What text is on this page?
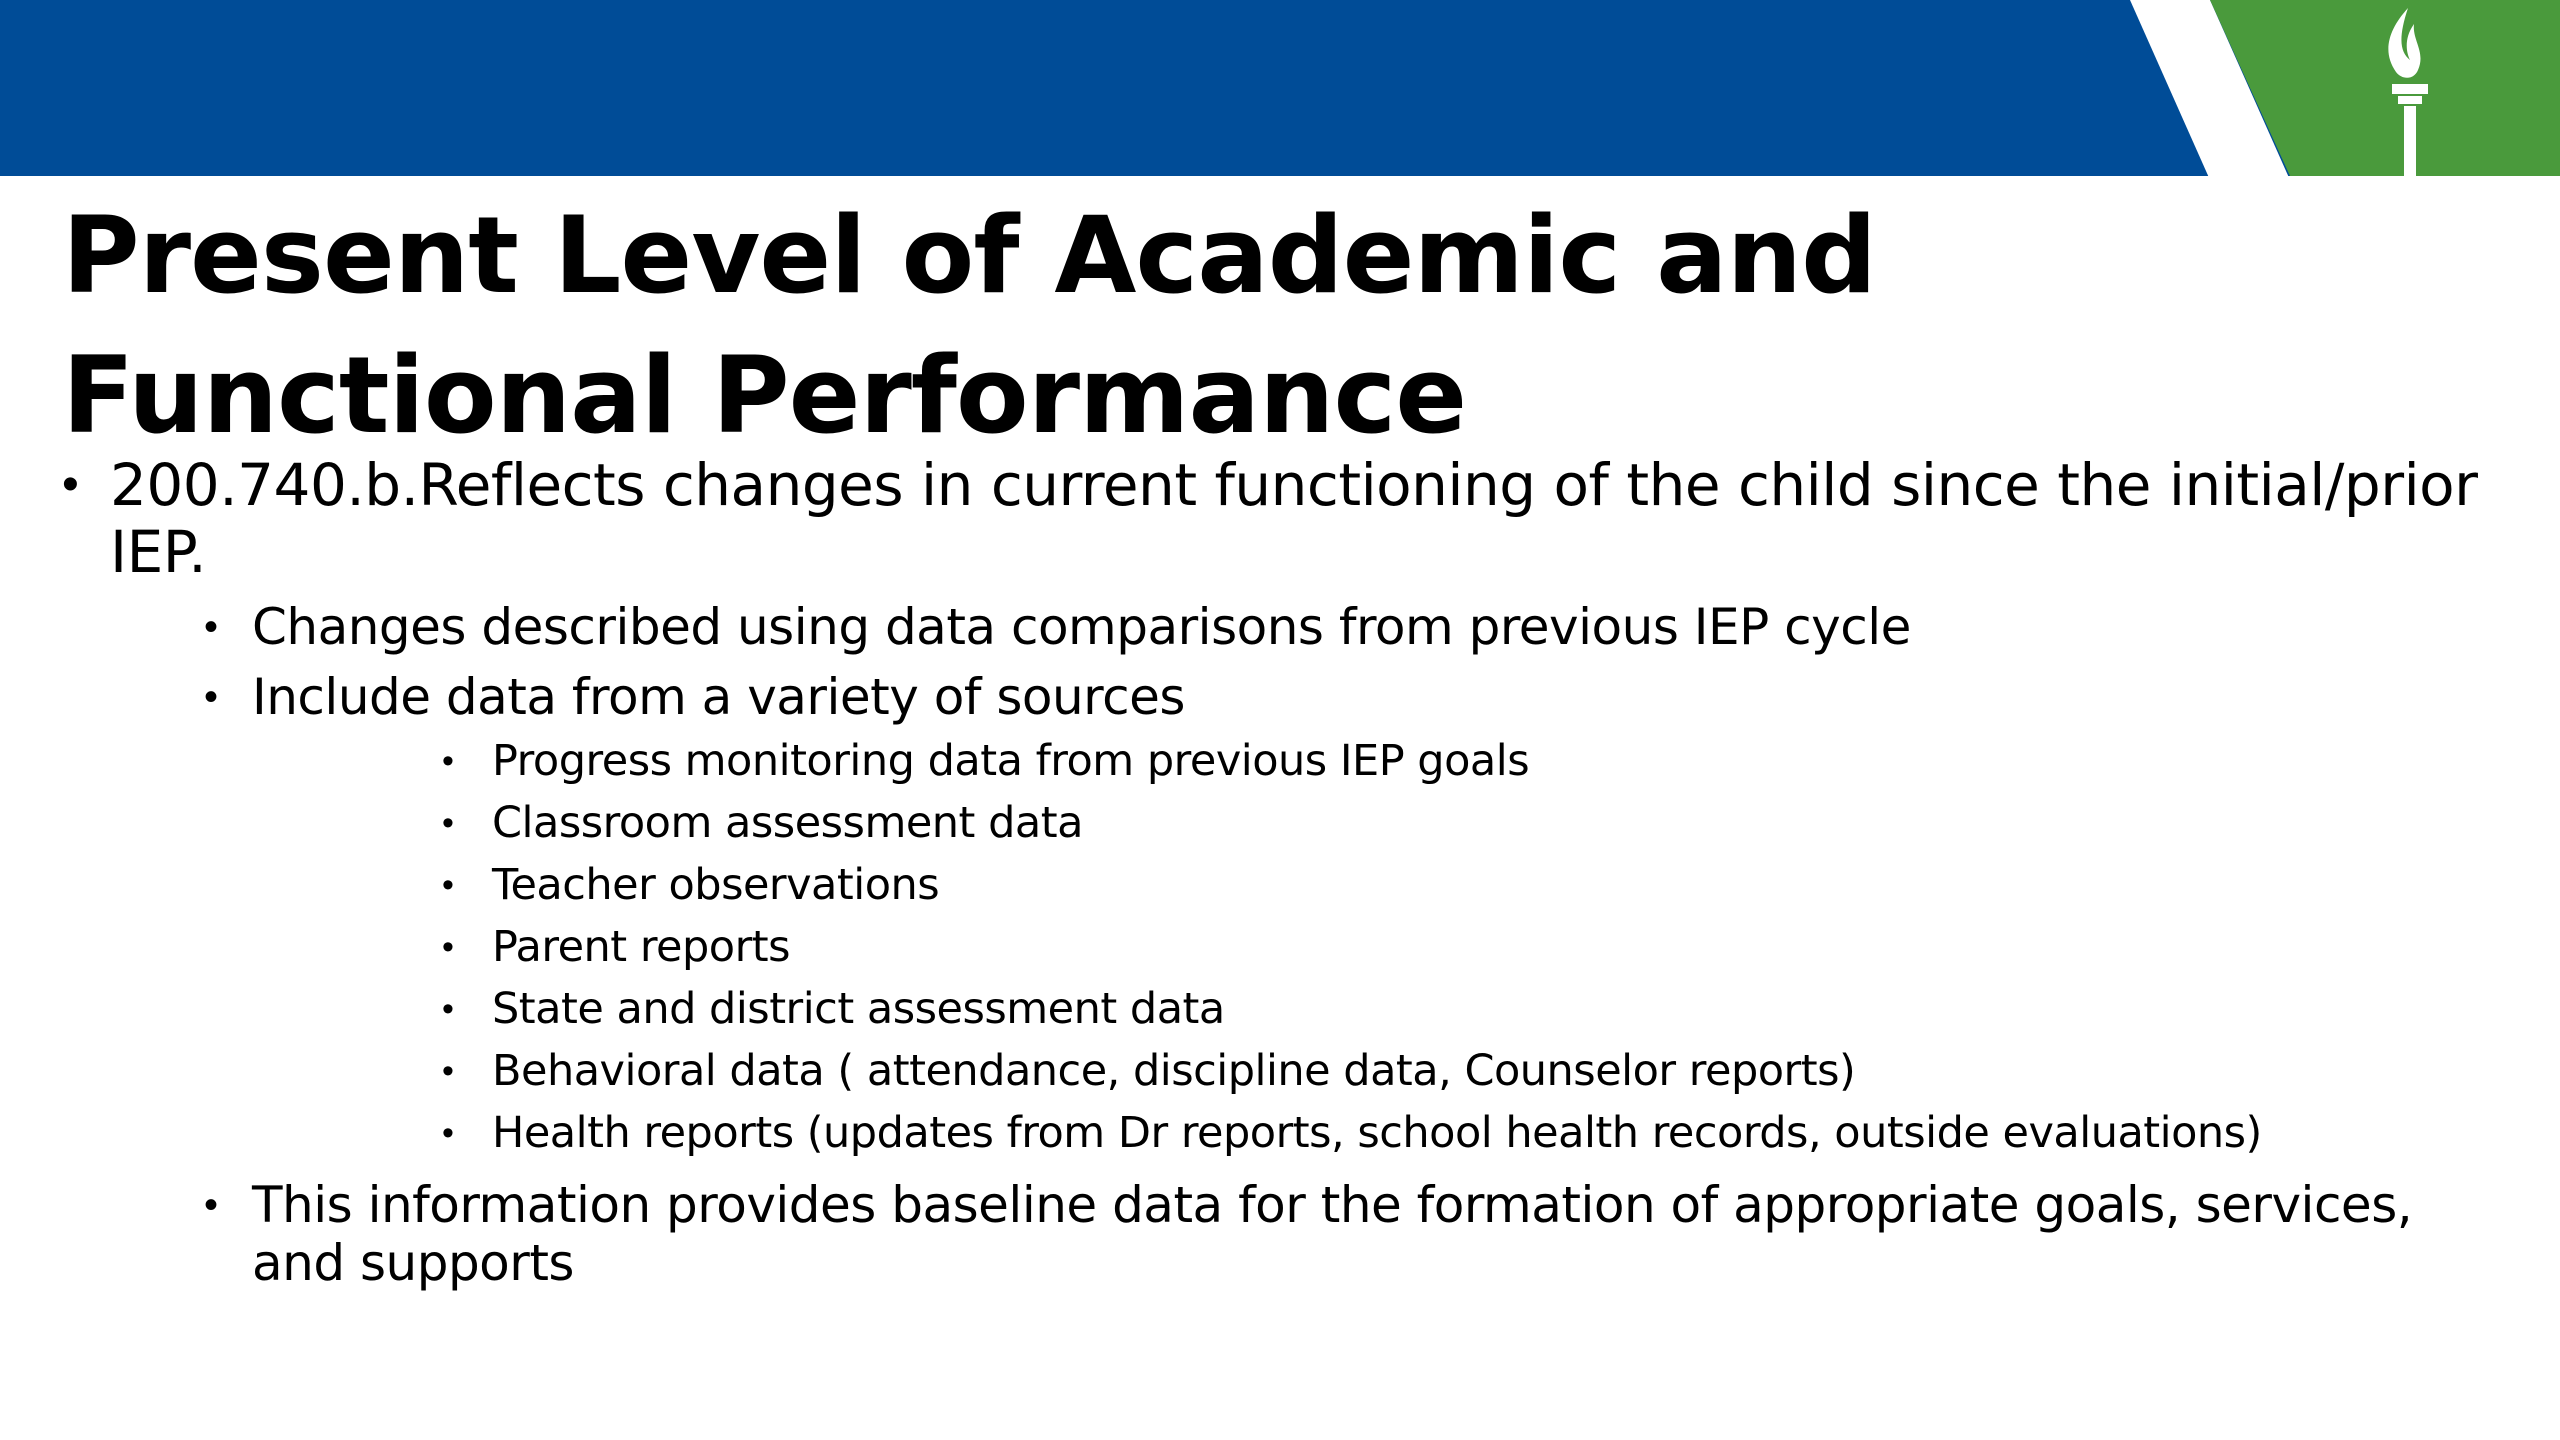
Present Level of Academic and Functional Performance
• 200.740.b.Reflects changes in current functioning of the child since the initial/prior IEP.
• Changes described using data comparisons from previous IEP cycle
• Include data from a variety of sources
• Progress monitoring data from previous IEP goals
• Classroom assessment data
• Teacher observations
• Parent reports
• State and district assessment data
• Behavioral data ( attendance, discipline data, Counselor reports)
• Health reports (updates from Dr reports, school health records, outside evaluations)
• This information provides baseline data for the formation of appropriate goals, services, and supports
